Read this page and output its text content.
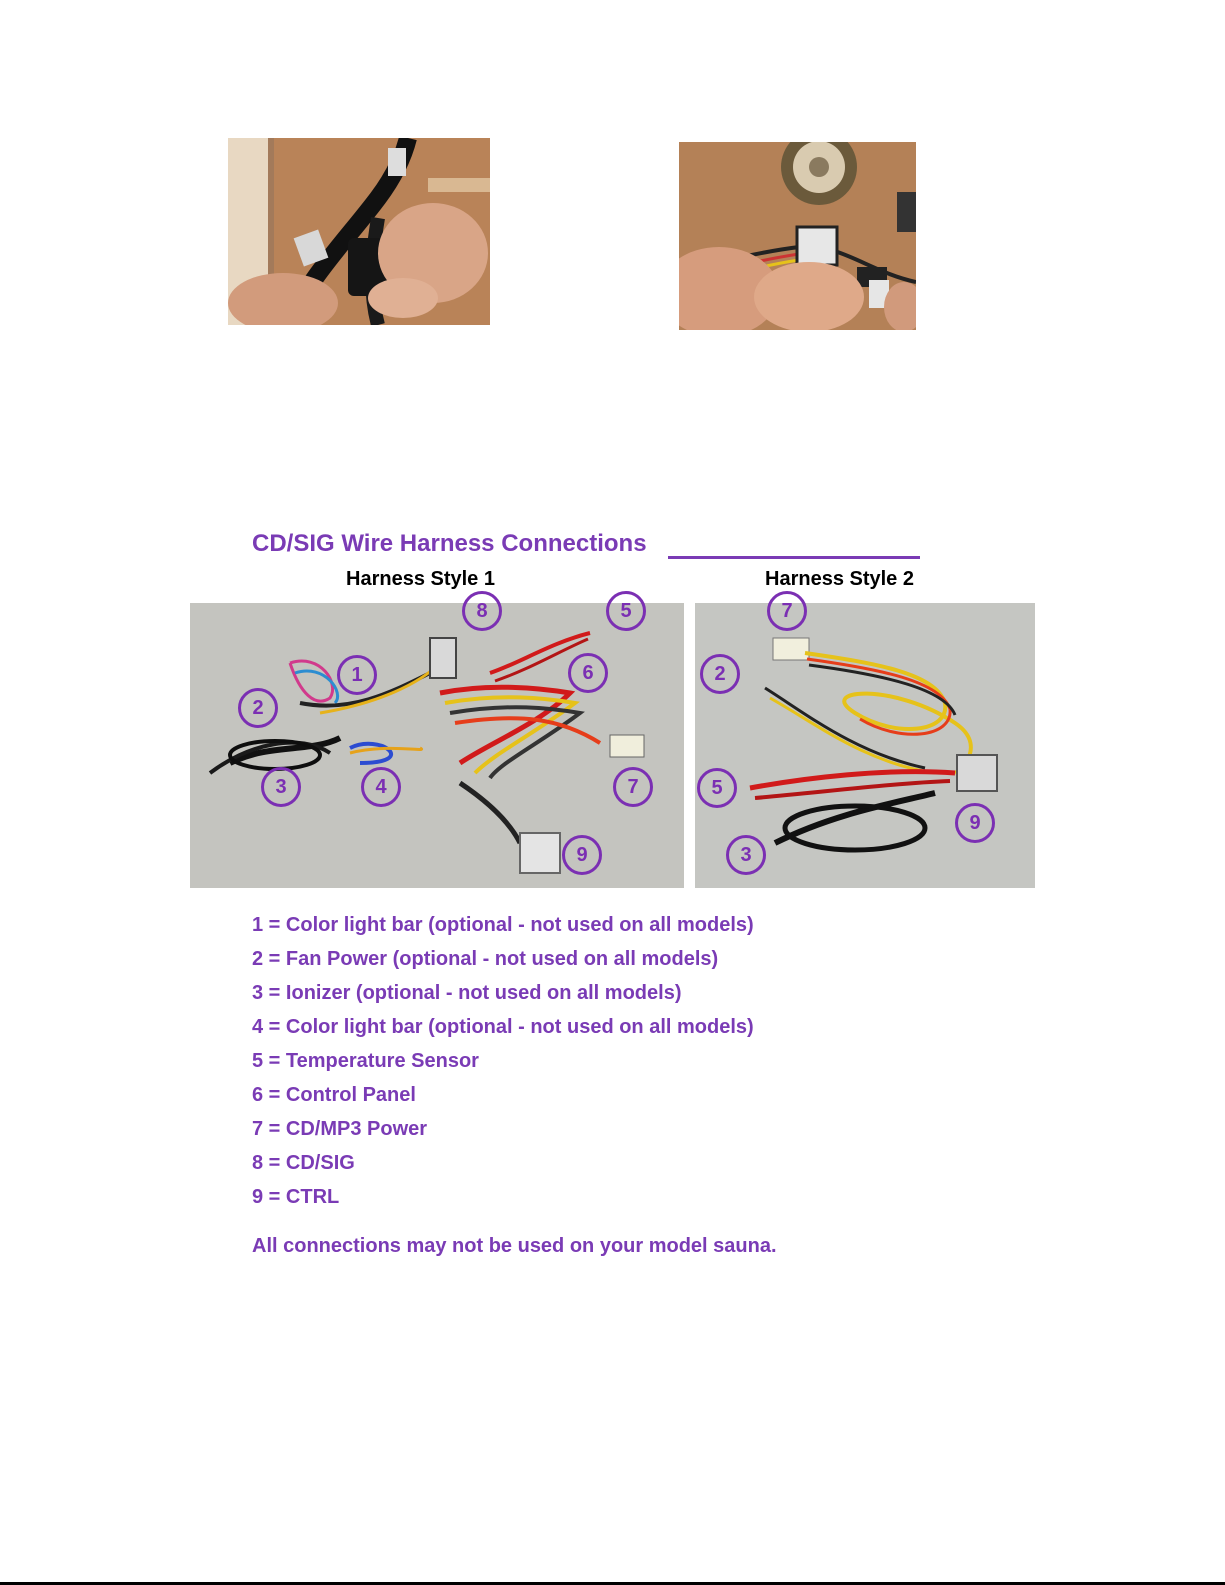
CD/SIG Wire Harness Connections
Harness Style 1	Harness Style 2
1
2
3	4
5
6
7
8
9
2
3
5
7
9
1 = Color light bar (optional - not used on all models)
2 = Fan Power (optional - not used on all models)
3 = Ionizer (optional - not used on all models)
4 = Color light bar (optional - not used on all models)
5 = Temperature Sensor
6 = Control Panel
7 = CD/MP3 Power
8 = CD/SIG
9 = CTRL
All connections may not be used on your model sauna.
